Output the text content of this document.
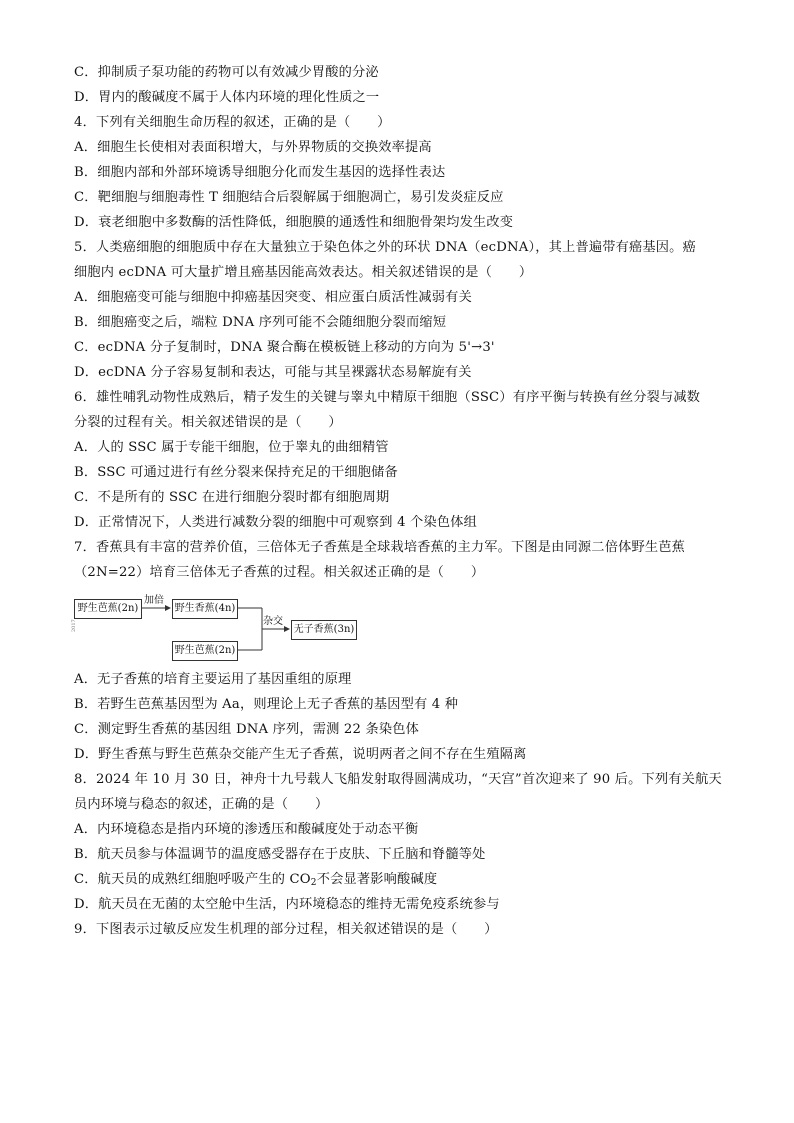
C．抑制质子泵功能的药物可以有效减少胃酸的分泌
D．胃内的酸碱度不属于人体内环境的理化性质之一
4．下列有关细胞生命历程的叙述，正确的是（　　）
A．细胞生长使相对表面积增大，与外界物质的交换效率提高
B．细胞内部和外部环境诱导细胞分化而发生基因的选择性表达
C．靶细胞与细胞毒性 T 细胞结合后裂解属于细胞凋亡，易引发炎症反应
D．衰老细胞中多数酶的活性降低，细胞膜的通透性和细胞骨架均发生改变
5．人类癌细胞的细胞质中存在大量独立于染色体之外的环状 DNA（ecDNA），其上普遍带有癌基因。癌
细胞内 ecDNA 可大量扩增且癌基因能高效表达。相关叙述错误的是（　　）
A．细胞癌变可能与细胞中抑癌基因突变、相应蛋白质活性减弱有关
B．细胞癌变之后，端粒 DNA 序列可能不会随细胞分裂而缩短
C．ecDNA 分子复制时，DNA 聚合酶在模板链上移动的方向为 5'→3'
D．ecDNA 分子容易复制和表达，可能与其呈裸露状态易解旋有关
6．雄性哺乳动物性成熟后，精子发生的关键与睾丸中精原干细胞（SSC）有序平衡与转换有丝分裂与减数
分裂的过程有关。相关叙述错误的是（　　）
A．人的 SSC 属于专能干细胞，位于睾丸的曲细精管
B．SSC 可通过进行有丝分裂来保持充足的干细胞储备
C．不是所有的 SSC 在进行细胞分裂时都有细胞周期
D．正常情况下，人类进行减数分裂的细胞中可观察到 4 个染色体组
7．香蕉具有丰富的营养价值，三倍体无子香蕉是全球栽培香蕉的主力军。下图是由同源二倍体野生芭蕉
（2N=22）培育三倍体无子香蕉的过程。相关叙述正确的是（　　）
野生芭蕉(2n)
加倍
野生香蕉(4n)
野生芭蕉(2n)
杂交
无子香蕉(3n)
2017
A．无子香蕉的培育主要运用了基因重组的原理
B．若野生芭蕉基因型为 Aa，则理论上无子香蕉的基因型有 4 种
C．测定野生香蕉的基因组 DNA 序列，需测 22 条染色体
D．野生香蕉与野生芭蕉杂交能产生无子香蕉，说明两者之间不存在生殖隔离
8．2024 年 10 月 30 日，神舟十九号载人飞船发射取得圆满成功，“天宫”首次迎来了 90 后。下列有关航天
员内环境与稳态的叙述，正确的是（　　）
A．内环境稳态是指内环境的渗透压和酸碱度处于动态平衡
B．航天员参与体温调节的温度感受器存在于皮肤、下丘脑和脊髓等处
C．航天员的成熟红细胞呼吸产生的 $CO_2$不会显著影响酸碱度
D．航天员在无菌的太空舱中生活，内环境稳态的维持无需免疫系统参与
9．下图表示过敏反应发生机理的部分过程，相关叙述错误的是（　　）
